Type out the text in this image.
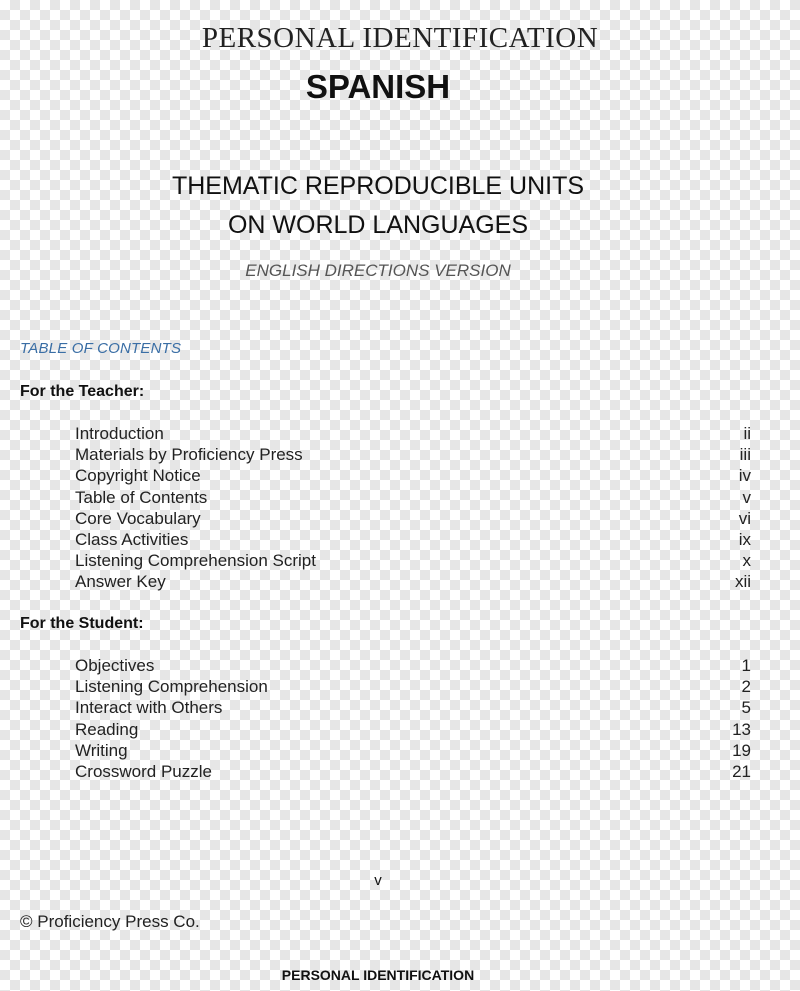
PERSONAL IDENTIFICATION
SPANISH
THEMATIC REPRODUCIBLE UNITS
ON WORLD LANGUAGES
ENGLISH DIRECTIONS VERSION
TABLE OF CONTENTS
For the Teacher:
Introduction	ii
Materials by Proficiency Press	iii
Copyright Notice	iv
Table of Contents	v
Core Vocabulary	vi
Class Activities	ix
Listening Comprehension Script	x
Answer Key	xii
For the Student:
Objectives	1
Listening Comprehension	2
Interact with Others	5
Reading	13
Writing	19
Crossword Puzzle	21
v
© Proficiency Press Co.
PERSONAL IDENTIFICATION
